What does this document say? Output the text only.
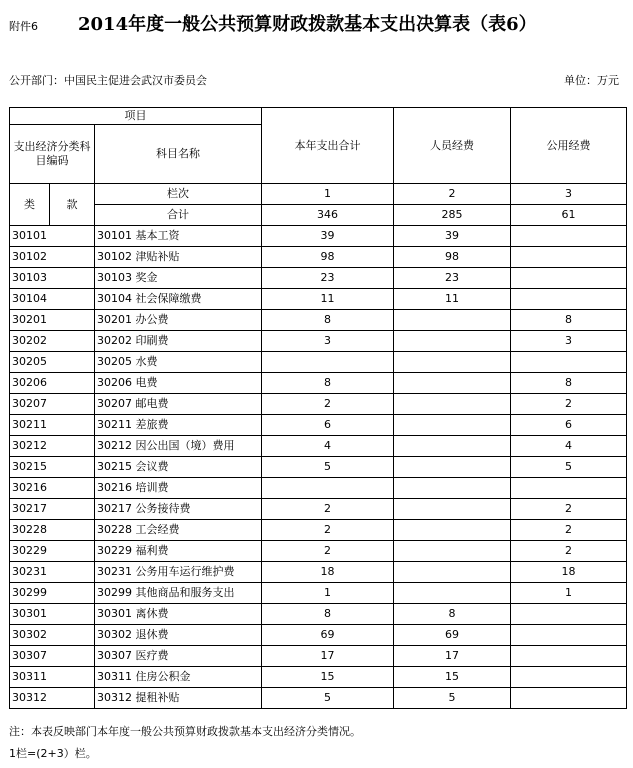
附件6 2014年度一般公共预算财政拨款基本支出决算表（表6）
公开部门：中国民主促进会武汉市委员会	单位：万元
项目			本年支出合计	人员经费	公用经费
支出经济分类科目编码		科目名称			
类	款	栏次	1	2	3
		合计	346	285	61
30101		30101 基本工资	39	39	
30102		30102 津贴补贴	98	98	
30103		30103 奖金	23	23	
30104		30104 社会保障缴费	11	11	
30201		30201 办公费	8		8
30202		30202 印刷费	3		3
30205		30205 水费			
30206		30206 电费	8		8
30207		30207 邮电费	2		2
30211		30211 差旅费	6		6
30212		30212 因公出国（境）费用	4		4
30215		30215 会议费	5		5
30216		30216 培训费			
30217		30217 公务接待费	2		2
30228		30228 工会经费	2		2
30229		30229 福利费	2		2
30231		30231 公务用车运行维护费	18		18
30299		30299 其他商品和服务支出	1		1
30301		30301 离休费	8	8	
30302		30302 退休费	69	69	
30307		30307 医疗费	17	17	
30311		30311 住房公积金	15	15	
30312		30312 提租补贴	5	5	
注：本表反映部门本年度一般公共预算财政拨款基本支出经济分类情况。
1栏=(2+3）栏。
